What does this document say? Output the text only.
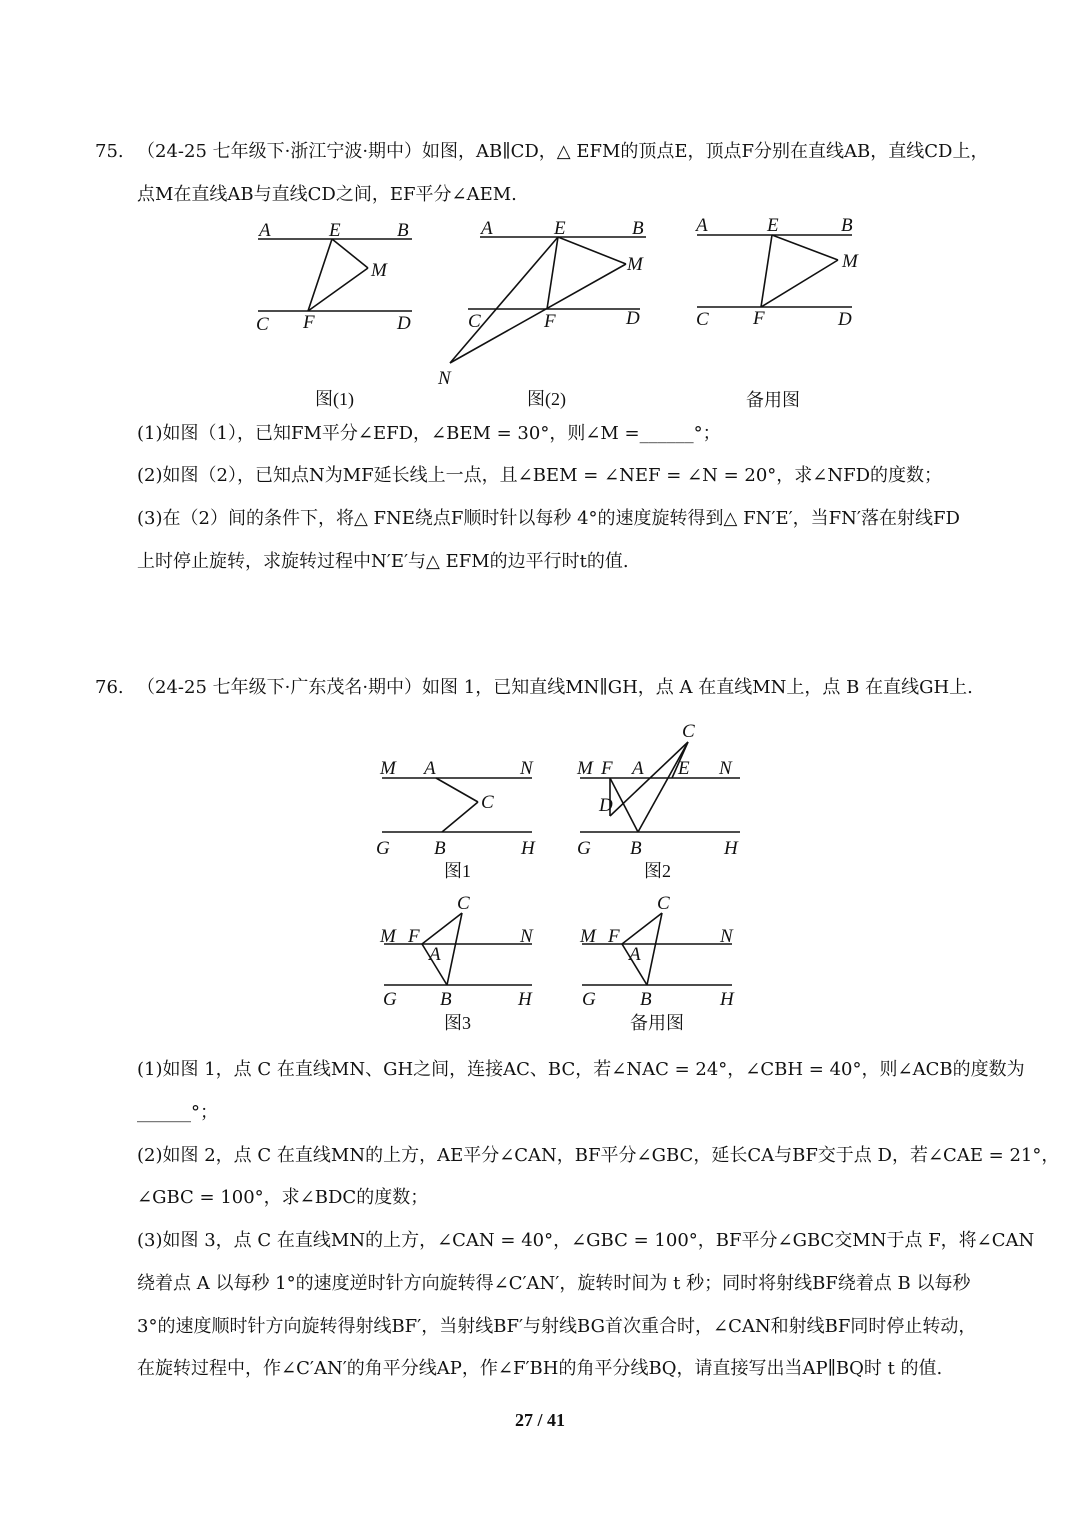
75. （24-25 七年级下·浙江宁波·期中）如图，AB∥CD，△ EFM的顶点E，顶点F分别在直线AB，直线CD上，
点M在直线AB与直线CD之间，EF平分∠AEM.
A	E	B
M
C F	D
图(1)
A	E	B
M
C	F	D
N
图(2)
A	E	B
M
C F	D
备用图
(1)如图（1），已知FM平分∠EFD，∠BEM = 30°，则∠M =______°；
(2)如图（2），已知点N为MF延长线上一点，且∠BEM = ∠NEF = ∠N = 20°，求∠NFD的度数；
(3)在（2）间的条件下，将△ FNE绕点F顺时针以每秒 4°的速度旋转得到△ FN′E′，当FN′落在射线FD
上时停止旋转，求旋转过程中N′E′与△ EFM的边平行时t的值.
76. （24-25 七年级下·广东茂名·期中）如图 1，已知直线MN∥GH，点 A 在直线MN上，点 B 在直线GH上.
M A	N
C
G B	H
图1
C
M F A E N
D
G B	H
图2
C
M F	N
A
G B	H
图3
C
M F	N
A
G B	H
备用图
(1)如图 1，点 C 在直线MN、GH之间，连接AC、BC，若∠NAC = 24°，∠CBH = 40°，则∠ACB的度数为
______°；
(2)如图 2，点 C 在直线MN的上方，AE平分∠CAN，BF平分∠GBC，延长CA与BF交于点 D，若∠CAE = 21°，
∠GBC = 100°，求∠BDC的度数；
(3)如图 3，点 C 在直线MN的上方，∠CAN = 40°，∠GBC = 100°，BF平分∠GBC交MN于点 F，将∠CAN
绕着点 A 以每秒 1°的速度逆时针方向旋转得∠C′AN′，旋转时间为 t 秒；同时将射线BF绕着点 B 以每秒
3°的速度顺时针方向旋转得射线BF′，当射线BF′与射线BG首次重合时，∠CAN和射线BF同时停止转动，
在旋转过程中，作∠C′AN′的角平分线AP，作∠F′BH的角平分线BQ，请直接写出当AP∥BQ时 t 的值.
27 / 41
